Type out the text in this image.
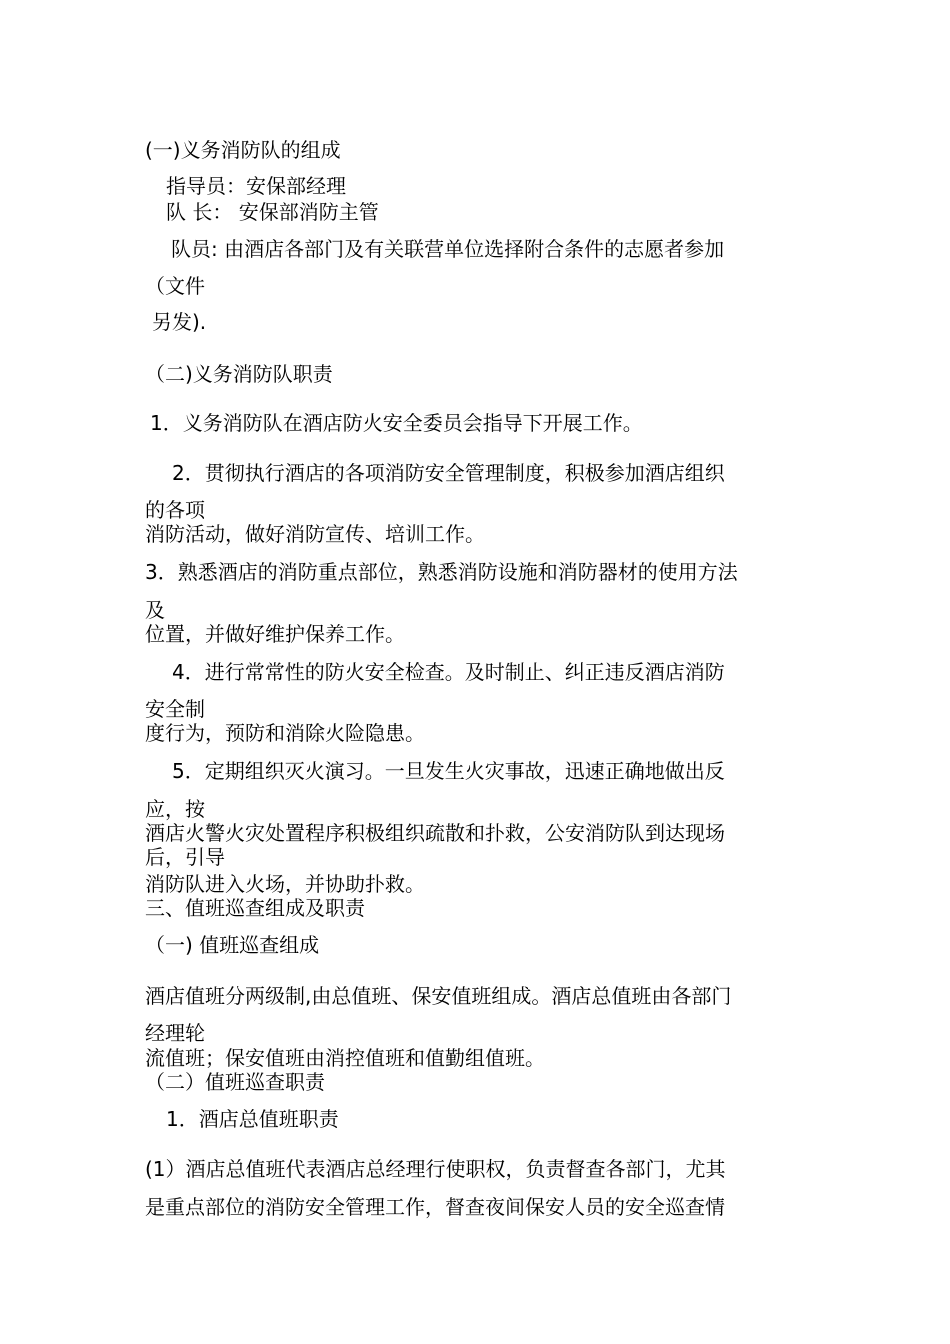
(一)义务消防队的组成

指导员：安保部经理

队 长： 安保部消防主管

队员: 由酒店各部门及有关联营单位选择附合条件的志愿者参加

（文件

另发).

（二)义务消防队职责

1．义务消防队在酒店防火安全委员会指导下开展工作。

2．贯彻执行酒店的各项消防安全管理制度，积极参加酒店组织

的各项

消防活动，做好消防宣传、培训工作。

3．熟悉酒店的消防重点部位，熟悉消防设施和消防器材的使用方法

及

位置，并做好维护保养工作。

4．进行常常性的防火安全检查。及时制止、纠正违反酒店消防

安全制

度行为，预防和消除火险隐患。

5．定期组织灭火演习。一旦发生火灾事故，迅速正确地做出反

应，按

酒店火警火灾处置程序积极组织疏散和扑救，公安消防队到达现场

后，引导

消防队进入火场，并协助扑救。

三、值班巡查组成及职责

（一) 值班巡查组成

酒店值班分两级制,由总值班、保安值班组成。酒店总值班由各部门

经理轮

流值班；保安值班由消控值班和值勤组值班。

（二）值班巡查职责

1．酒店总值班职责

(1）酒店总值班代表酒店总经理行使职权，负责督查各部门，尤其

是重点部位的消防安全管理工作，督查夜间保安人员的安全巡查情
